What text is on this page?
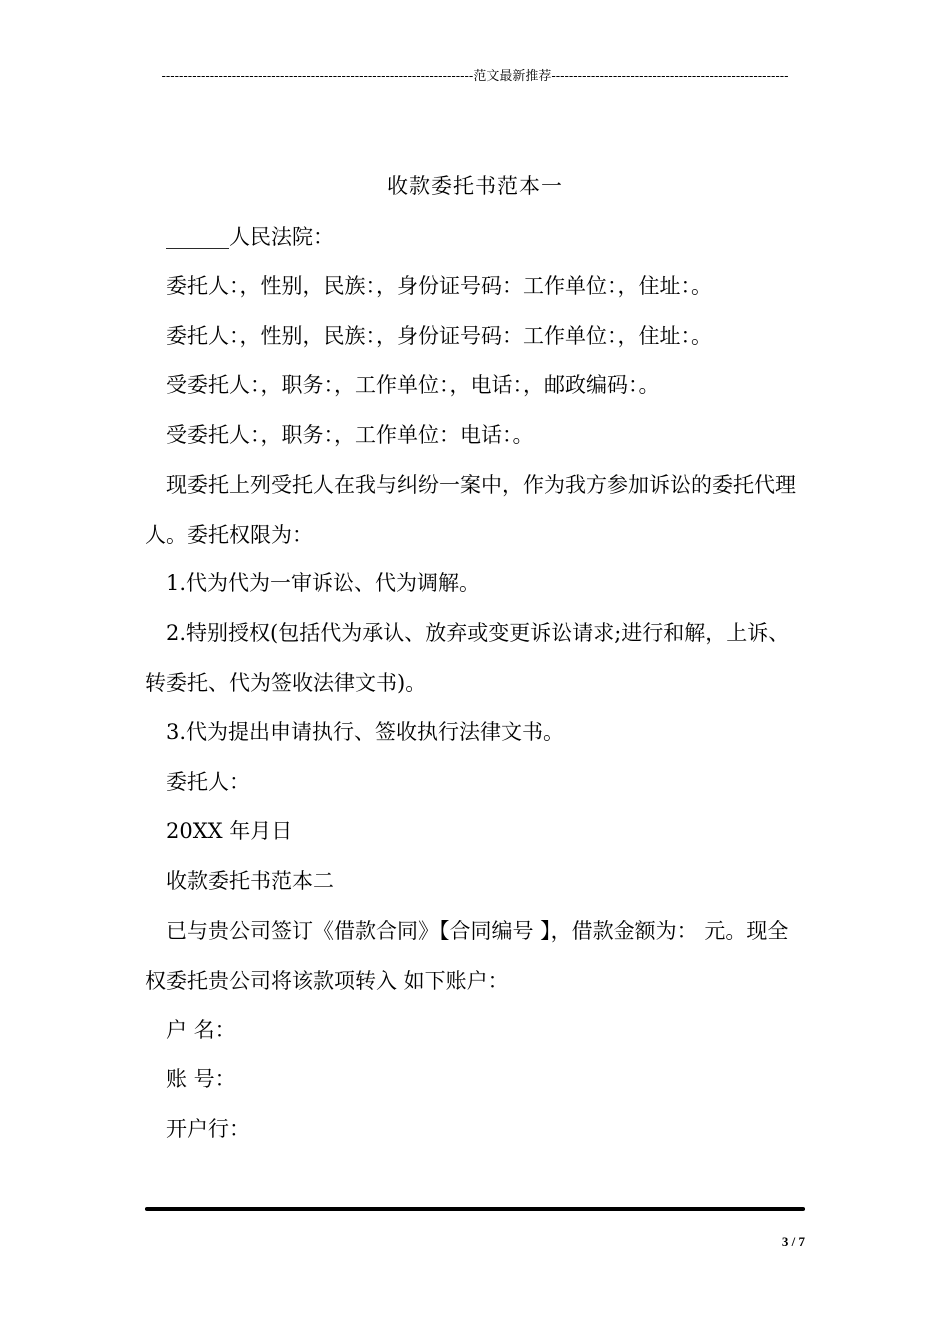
-----------------------------------------------------------------------范文最新推荐------------------------------------------------------
收款委托书范本一
______人民法院：
委托人：，性别，民族：，身份证号码：工作单位：，住址：。
委托人：，性别，民族：，身份证号码：工作单位：，住址：。
受委托人：，职务：，工作单位：，电话：，邮政编码：。
受委托人：，职务：，工作单位：电话：。

现委托上列受托人在我与纠纷一案中，作为我方参加诉讼的委托代理人。委托权限为：

1.代为代为一审诉讼、代为调解。

2.特别授权(包括代为承认、放弃或变更诉讼请求;进行和解，上诉、转委托、代为签收法律文书)。

3.代为提出申请执行、签收执行法律文书。
委托人：
20XX 年月日
收款委托书范本二

已与贵公司签订《借款合同》【合同编号 】，借款金额为： 元。现全权委托贵公司将该款项转入 如下账户：

户 名：
账 号：
开户行：
3 / 7
